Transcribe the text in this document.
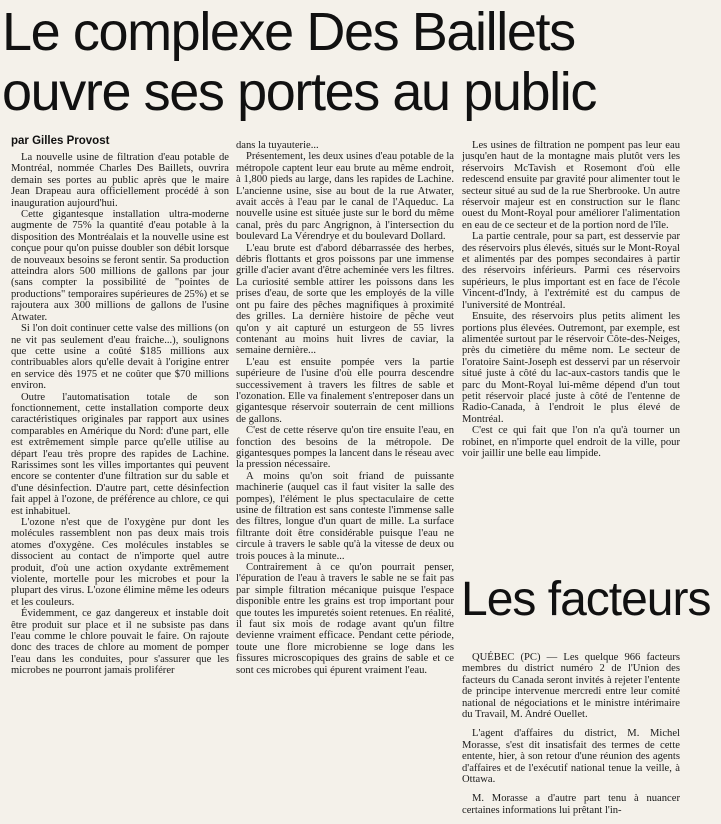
Le complexe Des Baillets
ouvre ses portes au public
par Gilles Provost

La nouvelle usine de filtration d'eau potable de Montréal, nommée Charles Des Baillets, ouvrira demain ses portes au public après que le maire Jean Drapeau aura officiellement procédé à son inauguration aujourd'hui.

Cette gigantesque installation ultra-moderne augmente de 75% la quantité d'eau potable à la disposition des Montréalais et la nouvelle usine est conçue pour qu'on puisse doubler son débit lorsque de nouveaux besoins se feront sentir. Sa production atteindra alors 500 millions de gallons par jour (sans compter la possibilité de "pointes de productions" temporaires supérieures de 25%) et se rajoutera aux 300 millions de gallons de l'usine Atwater.

Si l'on doit continuer cette valse des millions (on ne vit pas seulement d'eau fraiche...), soulignons que cette usine a coûté $185 millions aux contribuables alors qu'elle devait à l'origine entrer en service dès 1975 et ne coûter que $70 millions environ.

Outre l'automatisation totale de son fonctionnement, cette installation comporte deux caractéristiques originales par rapport aux usines comparables en Amérique du Nord: d'une part, elle est extrêmement simple parce qu'elle utilise au départ l'eau très propre des rapides de Lachine. Rarissimes sont les villes importantes qui peuvent encore se contenter d'une filtration sur du sable et d'une désinfection. D'autre part, cette désinfection fait appel à l'ozone, de préférence au chlore, ce qui est inhabituel.

L'ozone n'est que de l'oxygène pur dont les molécules rassemblent non pas deux mais trois atomes d'oxygène. Ces molécules instables se dissocient au contact de n'importe quel autre produit, d'où une action oxydante extrêmement violente, mortelle pour les microbes et pour la plupart des virus. L'ozone élimine même les odeurs et les couleurs.

Évidemment, ce gaz dangereux et instable doit être produit sur place et il ne subsiste pas dans l'eau comme le chlore pouvait le faire. On rajoute donc des traces de chlore au moment de pomper l'eau dans les conduites, pour s'assurer que les microbes ne pourront jamais proliférer

dans la tuyauterie...

Présentement, les deux usines d'eau potable de la métropole captent leur eau brute au même endroit, à 1,800 pieds au large, dans les rapides de Lachine. L'ancienne usine, sise au bout de la rue Atwater, avait accès à l'eau par le canal de l'Aqueduc. La nouvelle usine est située juste sur le bord du même canal, près du parc Angrignon, à l'intersection du boulevard La Vérendrye et du boulevard Dollard.

L'eau brute est d'abord débarrassée des herbes, débris flottants et gros poissons par une immense grille d'acier avant d'être acheminée vers les filtres. La curiosité semble attirer les poissons dans les prises d'eau, de sorte que les employés de la ville ont pu faire des pêches magnifiques à proximité des grilles. La dernière histoire de pêche veut qu'on y ait capturé un esturgeon de 55 livres contenant au moins huit livres de caviar, la semaine dernière...

L'eau est ensuite pompée vers la partie supérieure de l'usine d'où elle pourra descendre successivement à travers les filtres de sable et l'ozonation. Elle va finalement s'entreposer dans un gigantesque réservoir souterrain de cent millions de gallons.

C'est de cette réserve qu'on tire ensuite l'eau, en fonction des besoins de la métropole. De gigantesques pompes la lancent dans le réseau avec la pression nécessaire.

A moins qu'on soit friand de puissante machinerie (auquel cas il faut visiter la salle des pompes), l'élément le plus spectaculaire de cette usine de filtration est sans conteste l'immense salle des filtres, longue d'un quart de mille. La surface filtrante doit être considérable puisque l'eau ne circule à travers le sable qu'à la vitesse de deux ou trois pouces à la minute...

Contrairement à ce qu'on pourrait penser, l'épuration de l'eau à travers le sable ne se fait pas par simple filtration mécanique puisque l'espace disponible entre les grains est trop important pour que toutes les impuretés soient retenues. En réalité, il faut six mois de rodage avant qu'un filtre devienne vraiment efficace. Pendant cette période, toute une flore microbienne se loge dans les fissures microscopiques des grains de sable et ce sont ces microbes qui épurent vraiment l'eau.

Les usines de filtration ne pompent pas leur eau jusqu'en haut de la montagne mais plutôt vers les réservoirs McTavish et Rosemont d'où elle redescend ensuite par gravité pour alimenter tout le secteur situé au sud de la rue Sherbrooke. Un autre réservoir majeur est en construction sur le flanc ouest du Mont-Royal pour améliorer l'alimentation en eau de ce secteur et de la portion nord de l'île.

La partie centrale, pour sa part, est desservie par des réservoirs plus élevés, situés sur le Mont-Royal et alimentés par des pompes secondaires à partir des réservoirs inférieurs. Parmi ces réservoirs supérieurs, le plus important est en face de l'école Vincent-d'Indy, à l'extrémité est du campus de l'université de Montréal.

Ensuite, des réservoirs plus petits aliment les portions plus élevées. Outremont, par exemple, est alimentée surtout par le réservoir Côte-des-Neiges, près du cimetière du même nom. Le secteur de l'oratoire Saint-Joseph est desservi par un réservoir situé juste à côté du lac-aux-castors tandis que le parc du Mont-Royal lui-même dépend d'un tout petit réservoir placé juste à côté de l'entenne de Radio-Canada, à l'endroit le plus élevé de Montréal.

C'est ce qui fait que l'on n'a qu'à tourner un robinet, en n'importe quel endroit de la ville, pour voir jaillir une belle eau limpide.

Les facteurs

QUÉBEC (PC) — Les quelque 966 facteurs membres du district numéro 2 de l'Union des facteurs du Canada seront invités à rejeter l'entente de principe intervenue mercredi entre leur comité national de négociations et le ministre intérimaire du Travail, M. André Ouellet.

L'agent d'affaires du district, M. Michel Morasse, s'est dit insatisfait des termes de cette entente, hier, à son retour d'une réunion des agents d'affaires et de l'exécutif national tenue la veille, à Ottawa.

M. Morasse a d'autre part tenu à nuancer certaines informations lui prêtant l'in-
